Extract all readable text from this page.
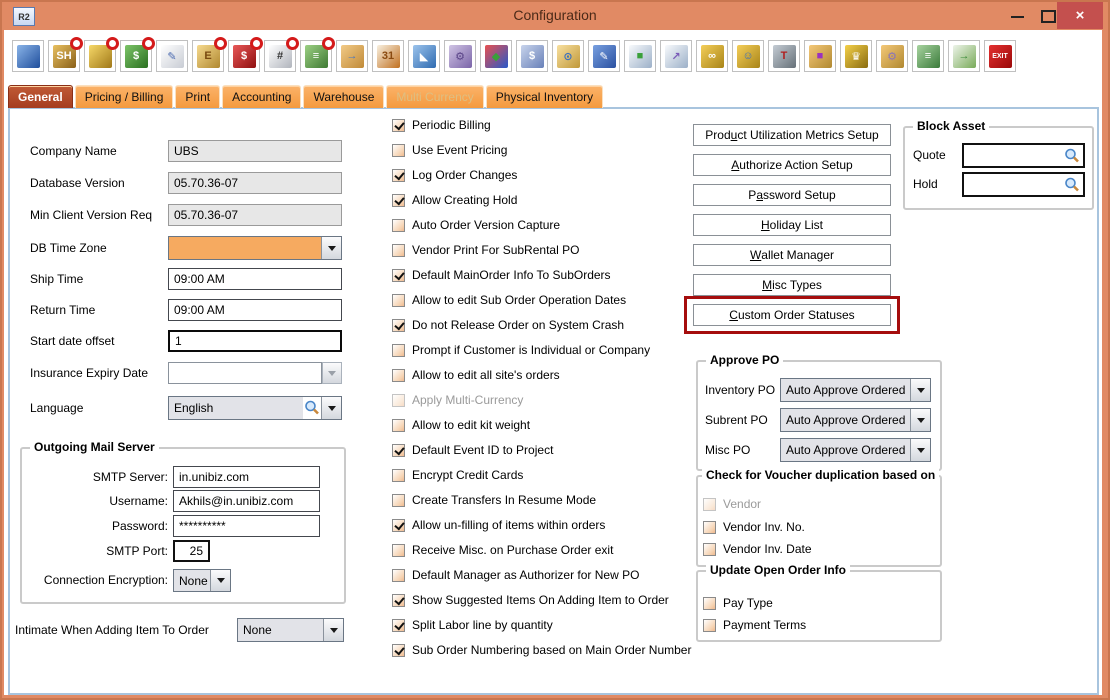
R2	Configuration	×
SH	$	✎	E	$	#	≡	→	31	◣	⚙	◆	$	⊙	✎	■	↗	∞	☺	T	■	♛	⚙	≡	→	EXIT
General	Pricing / Billing	Print	Accounting	Warehouse	Multi Currency	Physical Inventory
Company Name	UBS
Database Version	05.70.36-07
Min Client Version Req	05.70.36-07
DB Time Zone
Ship Time	09:00 AM
Return Time	09:00 AM
Start date offset	1
Insurance Expiry Date
Language	English
Outgoing Mail Server
SMTP Server: in.unibiz.com
Username: Akhils@in.unibiz.com
Password: **********
SMTP Port:	25
Connection Encryption: None
Intimate When Adding Item To Order	None
Periodic Billing
Use Event Pricing
Log Order Changes
Allow Creating Hold
Auto Order Version Capture
Vendor Print For SubRental PO
Default MainOrder Info To SubOrders
Allow to edit Sub Order Operation Dates
Do not Release Order on System Crash
Prompt if Customer is Individual or Company
Allow to edit all site's orders
Apply Multi-Currency
Allow to edit kit weight
Default Event ID to Project
Encrypt Credit Cards
Create Transfers In Resume Mode
Allow un-filling of items within orders
Receive Misc. on Purchase Order exit
Default Manager as Authorizer for New PO
Show Suggested Items On Adding Item to Order
Split Labor line by quantity
Sub Order Numbering based on Main Order Number
Prod u ct Utilization Metrics Setup
A uthorize Action Setup
P a ssword Setup
H oliday List
W allet Manager
M isc Types
C ustom Order Statuses
Block Asset
Quote
Hold
Approve PO
Inventory PO Auto Approve Ordered
Subrent PO	Auto Approve Ordered
Misc PO	Auto Approve Ordered
Check for Voucher duplication based on
Vendor
Vendor Inv. No.
Vendor Inv. Date
Update Open Order Info
Pay Type
Payment Terms
